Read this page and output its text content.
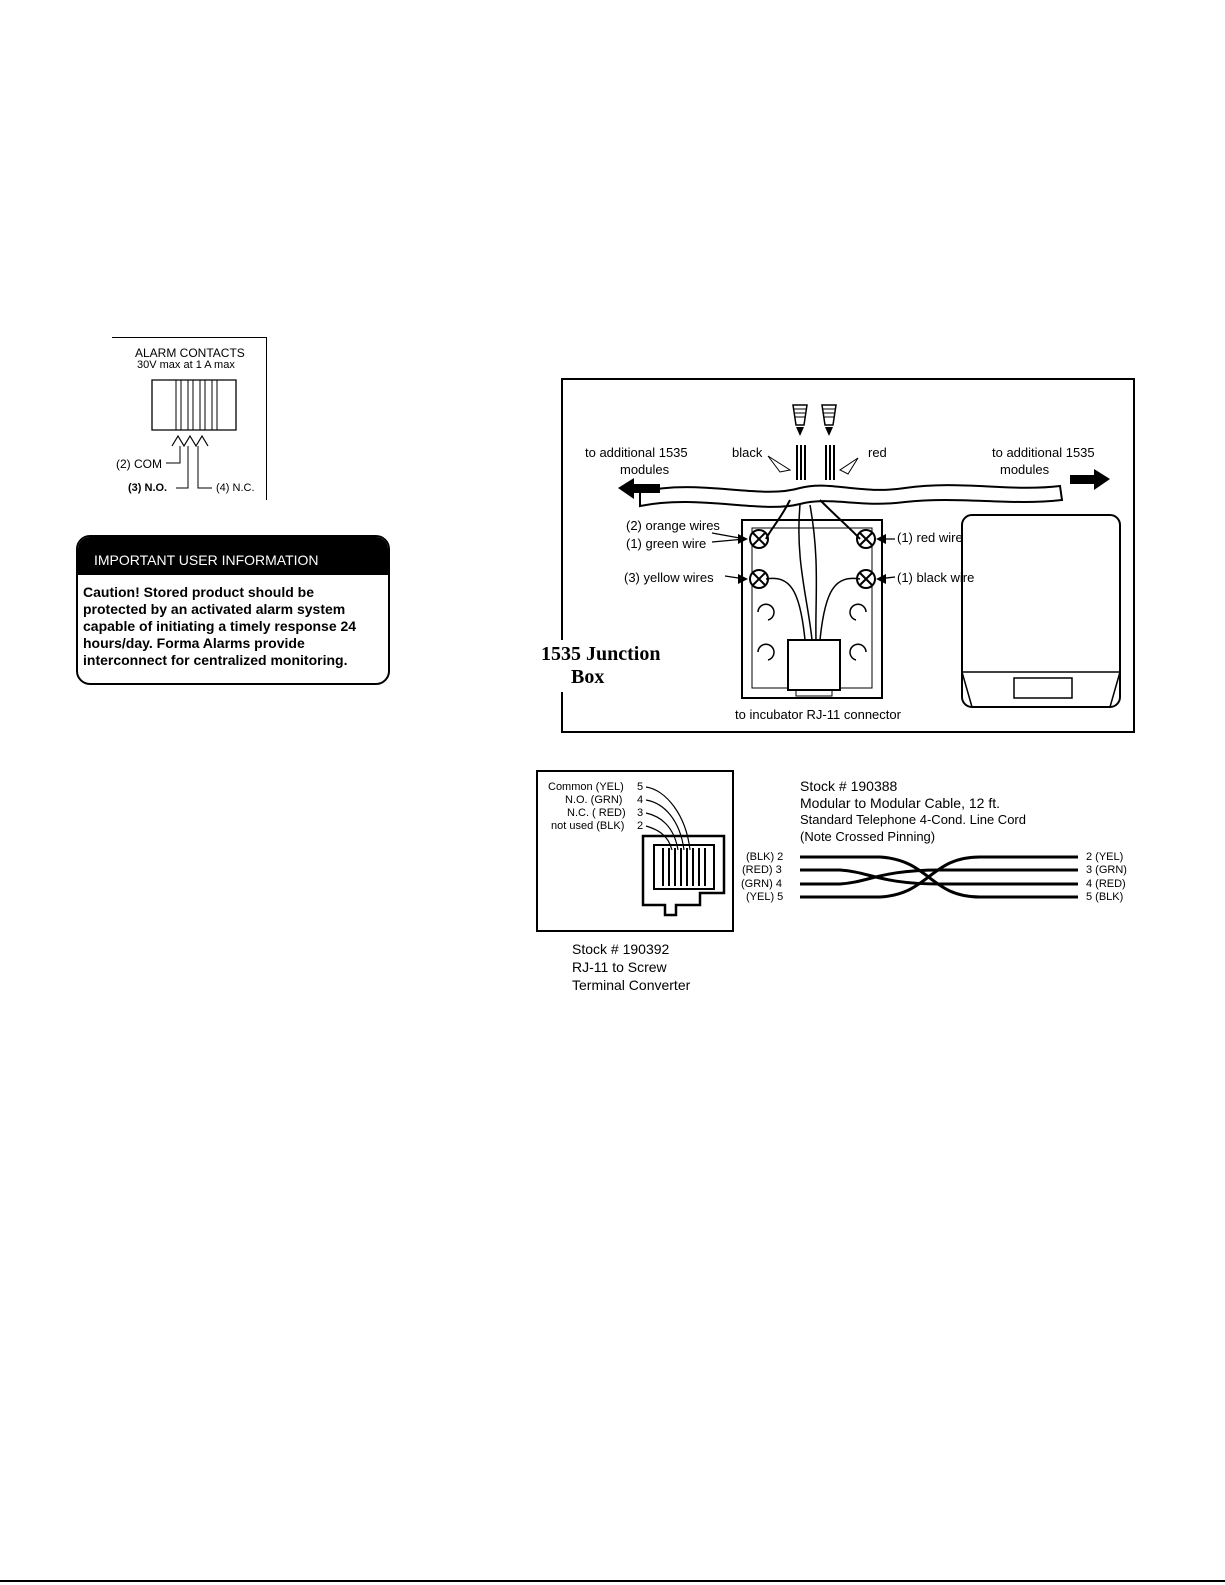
ALARM CONTACTS
30V max at 1 A max
(2) COM
(3) N.O.	(4) N.C.
IMPORTANT USER INFORMATION
Caution! Stored product should be
protected by an activated alarm system
capable of initiating a timely response 24
hours/day. Forma Alarms provide
interconnect for centralized monitoring.
to additional 1535
modules
to additional 1535
modules
black	red
(2) orange wires
(1) green wire
(3) yellow wires
(1) red wire
(1) black wire
to incubator RJ-11 connector
1535 Junction
Box
Common (YEL) 5
N.O. (GRN) 4
N.C. ( RED) 3
not used (BLK) 2
Stock # 190392
RJ-11 to Screw
Terminal Converter
Stock # 190388
Modular to Modular Cable, 12 ft.
Standard Telephone 4-Cond. Line Cord
(Note Crossed Pinning)
(BLK) 2
(RED) 3
(GRN) 4
(YEL) 5
2 (YEL)
3 (GRN)
4 (RED)
5 (BLK)
